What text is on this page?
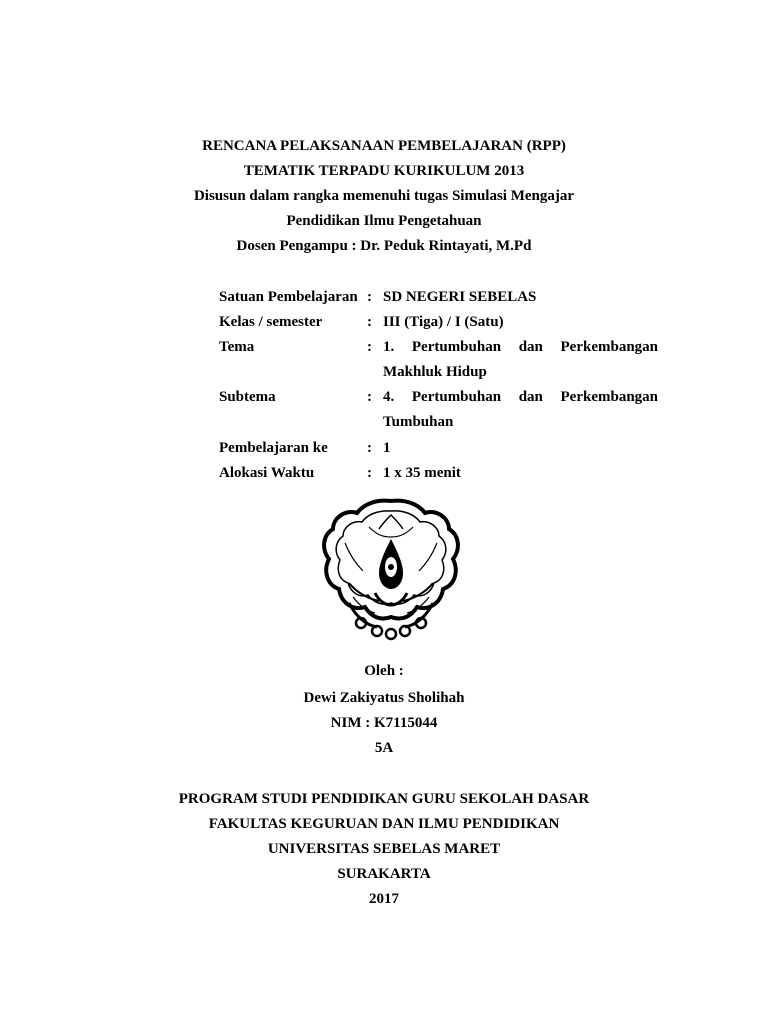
RENCANA PELAKSANAAN PEMBELAJARAN (RPP)
TEMATIK TERPADU KURIKULUM 2013
Disusun dalam rangka memenuhi tugas Simulasi Mengajar
Pendidikan Ilmu Pengetahuan
Dosen Pengampu : Dr. Peduk Rintayati, M.Pd
Satuan Pembelajaran : SD NEGERI SEBELAS
Kelas / semester	: III (Tiga) / I (Satu)
Tema	: 1. Pertumbuhan dan Perkembangan
Makhluk Hidup
Subtema	: 4. Pertumbuhan dan Perkembangan
Tumbuhan
Pembelajaran ke	: 1
Alokasi Waktu	: 1 x 35 menit
Oleh :
Dewi Zakiyatus Sholihah
NIM : K7115044
5A
PROGRAM STUDI PENDIDIKAN GURU SEKOLAH DASAR
FAKULTAS KEGURUAN DAN ILMU PENDIDIKAN
UNIVERSITAS SEBELAS MARET
SURAKARTA
2017
